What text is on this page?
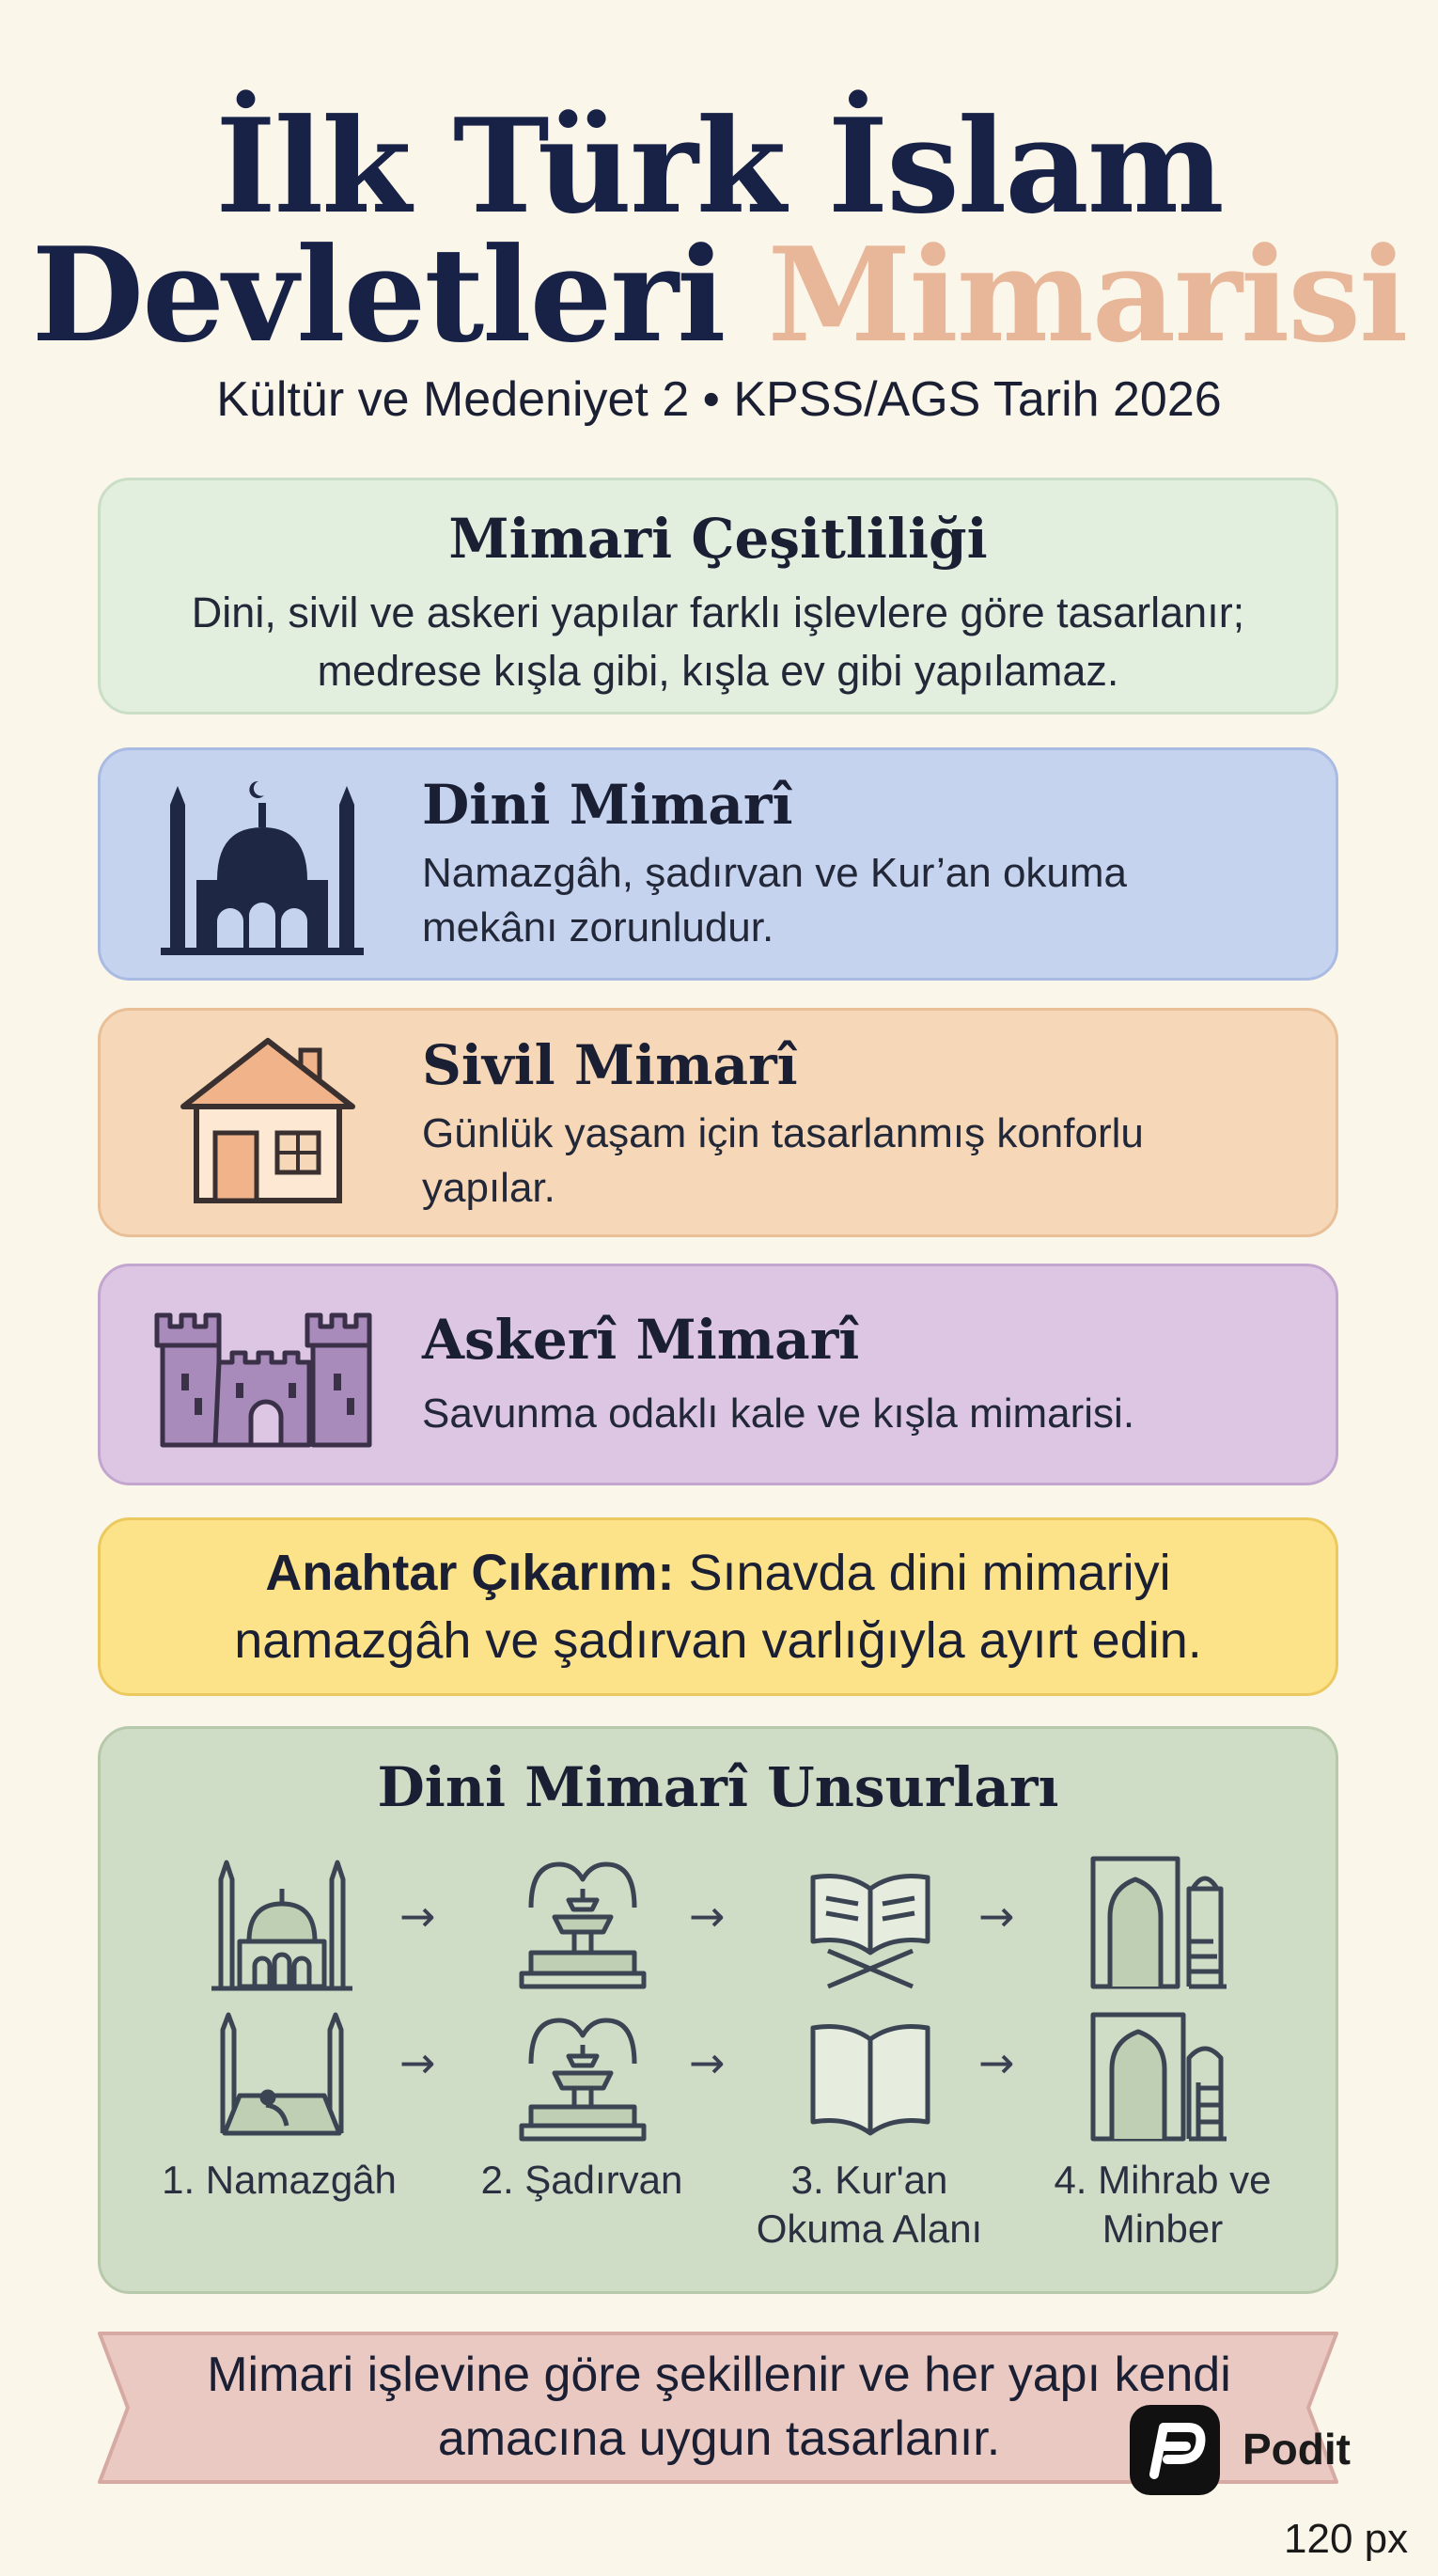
İlk Türk İslam
Devletleri Mimarisi
Kültür ve Medeniyet 2 • KPSS/AGS Tarih 2026
Mimari Çeşitliliği
Dini, sivil ve askeri yapılar farklı işlevlere göre tasarlanır; medrese kışla gibi, kışla ev gibi yapılamaz.
Dini Mimarî
Namazgâh, şadırvan ve Kur’an okuma mekânı zorunludur.
Sivil Mimarî
Günlük yaşam için tasarlanmış konforlu yapılar.
Askerî Mimarî
Savunma odaklı kale ve kışla mimarisi.
Anahtar Çıkarım: Sınavda dini mimariyi namazgâh ve şadırvan varlığıyla ayırt edin.
Dini Mimarî Unsurları
→	→	→
→	→	→
1. Namazgâh	2. Şadırvan	3. Kur'an Okuma Alanı
4. Mihrab ve Minber
Mimari işlevine göre şekillenir ve her yapı kendi amacına uygun tasarlanır.	Podit
120 px
